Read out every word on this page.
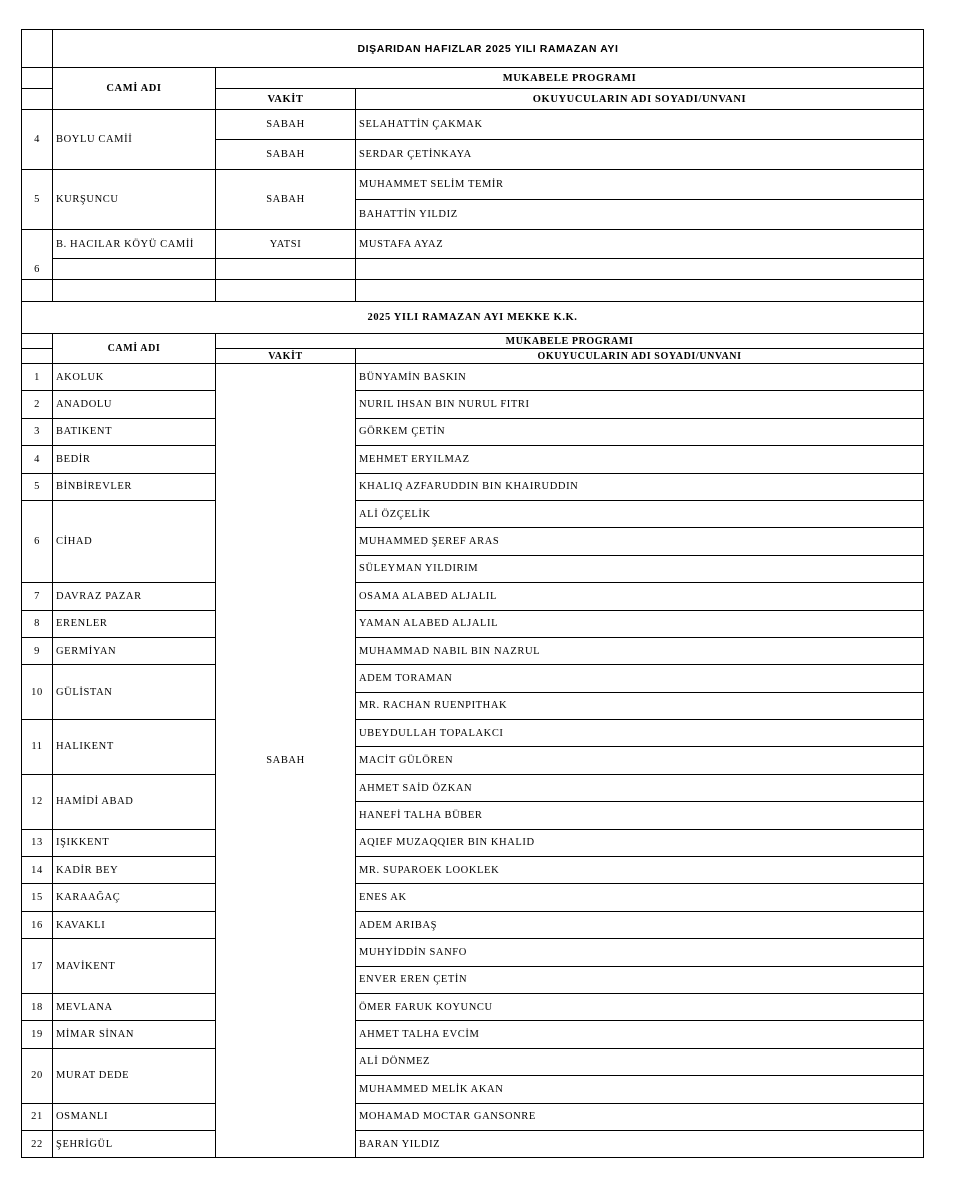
	DIŞARIDAN HAFIZLAR 2025 YILI RAMAZAN AYI		
	CAMİ ADI	MUKABELE PROGRAMI	
		VAKİT	OKUYUCULARIN ADI SOYADI/UNVANI
4	BOYLU CAMİİ	SABAH	SELAHATTİN ÇAKMAK
		SABAH	SERDAR ÇETİNKAYA
5	KURŞUNCU	SABAH	MUHAMMET SELİM TEMİR
			BAHATTİN YILDIZ
6	B. HACILAR KÖYÜ CAMİİ	YATSI	MUSTAFA AYAZ

2025 YILI RAMAZAN AYI MEKKE K.K.			
	CAMİ ADI	MUKABELE PROGRAMI	
		VAKİT	OKUYUCULARIN ADI SOYADI/UNVANI
1	AKOLUK	SABAH	BÜNYAMİN BASKIN
2	ANADOLU		NURIL IHSAN BIN NURUL FITRI
3	BATIKENT		GÖRKEM ÇETİN
4	BEDİR		MEHMET ERYILMAZ
5	BİNBİREVLER		KHALIQ AZFARUDDIN BIN KHAIRUDDIN
6	CİHAD		ALİ ÖZÇELİK
			MUHAMMED ŞEREF ARAS
			SÜLEYMAN YILDIRIM
7	DAVRAZ PAZAR		OSAMA ALABED ALJALIL
8	ERENLER		YAMAN ALABED ALJALIL
9	GERMİYAN		MUHAMMAD NABIL BIN NAZRUL
10	GÜLİSTAN		ADEM TORAMAN
			MR. RACHAN RUENPITHAK
11	HALIKENT		UBEYDULLAH TOPALAKCI
			MACİT GÜLÖREN
12	HAMİDİ ABAD		AHMET SAİD ÖZKAN
			HANEFİ TALHA BÜBER
13	IŞIKKENT		AQIEF MUZAQQIER BIN KHALID
14	KADİR BEY		MR. SUPAROEK LOOKLEK
15	KARAAĞAÇ		ENES AK
16	KAVAKLI		ADEM ARIBAŞ
17	MAVİKENT		MUHYİDDİN SANFO
			ENVER EREN ÇETİN
18	MEVLANA		ÖMER FARUK KOYUNCU
19	MİMAR SİNAN		AHMET TALHA EVCİM
20	MURAT DEDE		ALİ DÖNMEZ
			MUHAMMED MELİK AKAN
21	OSMANLI		MOHAMAD MOCTAR GANSONRE
22	ŞEHRİGÜL		BARAN YILDIZ
